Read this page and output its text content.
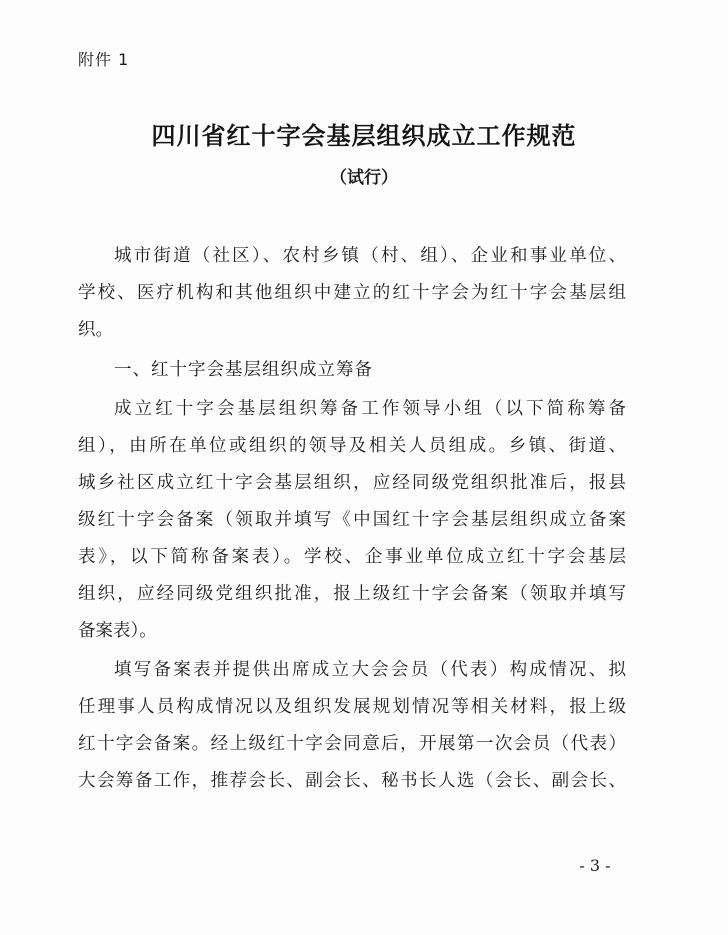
附件 1
四川省红十字会基层组织成立工作规范
（试行）
城市街道（社区）、农村乡镇（村、组）、企业和事业单位、
学校、医疗机构和其他组织中建立的红十字会为红十字会基层组
织。
一、红十字会基层组织成立筹备
成立红十字会基层组织筹备工作领导小组（以下简称筹备
组），由所在单位或组织的领导及相关人员组成。乡镇、街道、
城乡社区成立红十字会基层组织，应经同级党组织批准后，报县
级红十字会备案（领取并填写《中国红十字会基层组织成立备案
表》，以下简称备案表）。学校、企事业单位成立红十字会基层
组织，应经同级党组织批准，报上级红十字会备案（领取并填写
备案表）。
填写备案表并提供出席成立大会会员（代表）构成情况、拟
任理事人员构成情况以及组织发展规划情况等相关材料，报上级
红十字会备案。经上级红十字会同意后，开展第一次会员（代表）
大会筹备工作，推荐会长、副会长、秘书长人选（会长、副会长、
- 3 -
